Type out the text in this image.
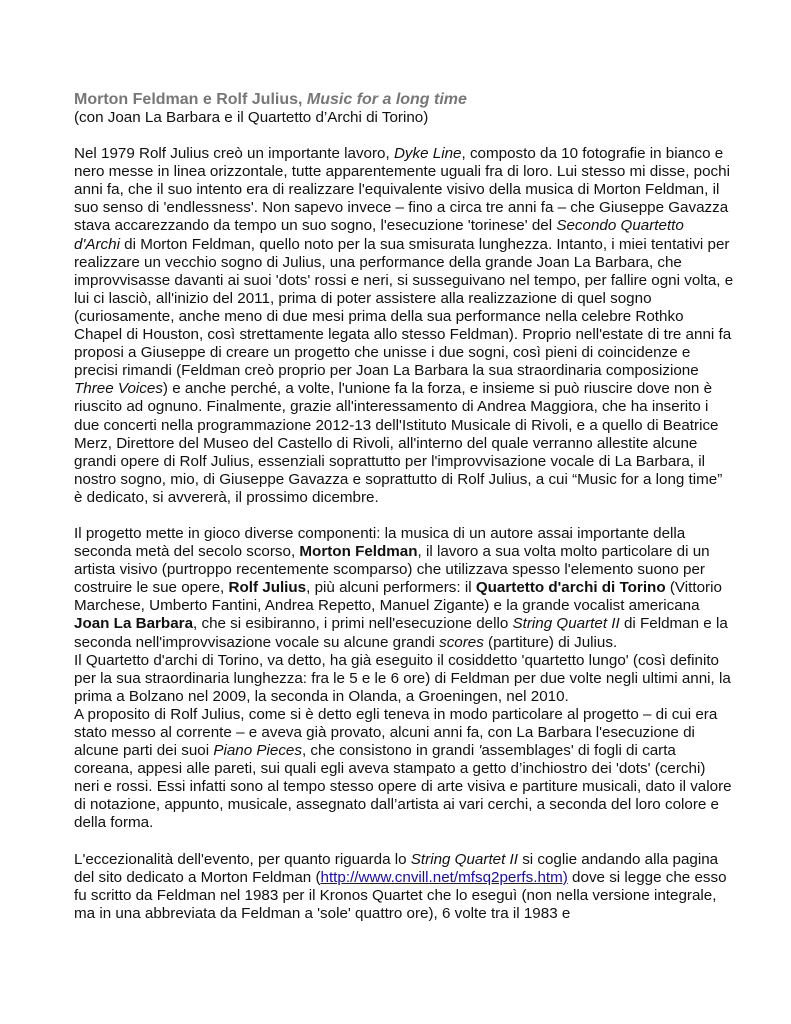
Morton Feldman e Rolf Julius, Music for a long time
(con Joan La Barbara e il Quartetto d’Archi di Torino)

Nel 1979 Rolf Julius creò un importante lavoro, Dyke Line, composto da 10 fotografie in bianco e nero messe in linea orizzontale, tutte apparentemente uguali fra di loro. Lui stesso mi disse, pochi anni fa, che il suo intento era di realizzare l'equivalente visivo della musica di Morton Feldman, il suo senso di 'endlessness'. Non sapevo invece – fino a circa tre anni fa – che Giuseppe Gavazza stava accarezzando da tempo un suo sogno, l'esecuzione 'torinese' del Secondo Quartetto d'Archi di Morton Feldman, quello noto per la sua smisurata lunghezza. Intanto, i miei tentativi per realizzare un vecchio sogno di Julius, una performance della grande Joan La Barbara, che improvvisasse davanti ai suoi 'dots' rossi e neri, si susseguivano nel tempo, per fallire ogni volta, e lui ci lasciò, all'inizio del 2011, prima di poter assistere alla realizzazione di quel sogno (curiosamente, anche meno di due mesi prima della sua performance nella celebre Rothko Chapel di Houston, così strettamente legata allo stesso Feldman). Proprio nell'estate di tre anni fa proposi a Giuseppe di creare un progetto che unisse i due sogni, così pieni di coincidenze e precisi rimandi (Feldman creò proprio per Joan La Barbara la sua straordinaria composizione Three Voices) e anche perché, a volte, l'unione fa la forza, e insieme si può riuscire dove non è riuscito ad ognuno. Finalmente, grazie all'interessamento di Andrea Maggiora, che ha inserito i due concerti nella programmazione 2012-13 dell'Istituto Musicale di Rivoli, e a quello di Beatrice Merz, Direttore del Museo del Castello di Rivoli, all'interno del quale verranno allestite alcune grandi opere di Rolf Julius, essenziali soprattutto per l'improvvisazione vocale di La Barbara, il nostro sogno, mio, di Giuseppe Gavazza e soprattutto di Rolf Julius, a cui “Music for a long time” è dedicato, si avvererà, il prossimo dicembre.

Il progetto mette in gioco diverse componenti: la musica di un autore assai importante della seconda metà del secolo scorso, Morton Feldman, il lavoro a sua volta molto particolare di un artista visivo (purtroppo recentemente scomparso) che utilizzava spesso l'elemento suono per costruire le sue opere, Rolf Julius, più alcuni performers: il Quartetto d'archi di Torino (Vittorio Marchese, Umberto Fantini, Andrea Repetto, Manuel Zigante) e la grande vocalist americana Joan La Barbara, che si esibiranno, i primi nell'esecuzione dello String Quartet II di Feldman e la seconda nell'improvvisazione vocale su alcune grandi scores (partiture) di Julius.
Il Quartetto d'archi di Torino, va detto, ha già eseguito il cosiddetto 'quartetto lungo' (così definito per la sua straordinaria lunghezza: fra le 5 e le 6 ore) di Feldman per due volte negli ultimi anni, la prima a Bolzano nel 2009, la seconda in Olanda, a Groeningen, nel 2010.
A proposito di Rolf Julius, come si è detto egli teneva in modo particolare al progetto – di cui era stato messo al corrente – e aveva già provato, alcuni anni fa, con La Barbara l'esecuzione di alcune parti dei suoi Piano Pieces, che consistono in grandi 'assemblages' di fogli di carta coreana, appesi alle pareti, sui quali egli aveva stampato a getto d’inchiostro dei 'dots' (cerchi) neri e rossi. Essi infatti sono al tempo stesso opere di arte visiva e partiture musicali, dato il valore di notazione, appunto, musicale, assegnato dall’artista ai vari cerchi, a seconda del loro colore e della forma.

L'eccezionalità dell'evento, per quanto riguarda lo String Quartet II si coglie andando alla pagina del sito dedicato a Morton Feldman (http://www.cnvill.net/mfsq2perfs.htm) dove si legge che esso fu scritto da Feldman nel 1983 per il Kronos Quartet che lo eseguì (non nella versione integrale, ma in una abbreviata da Feldman a 'sole' quattro ore), 6 volte tra il 1983 e
